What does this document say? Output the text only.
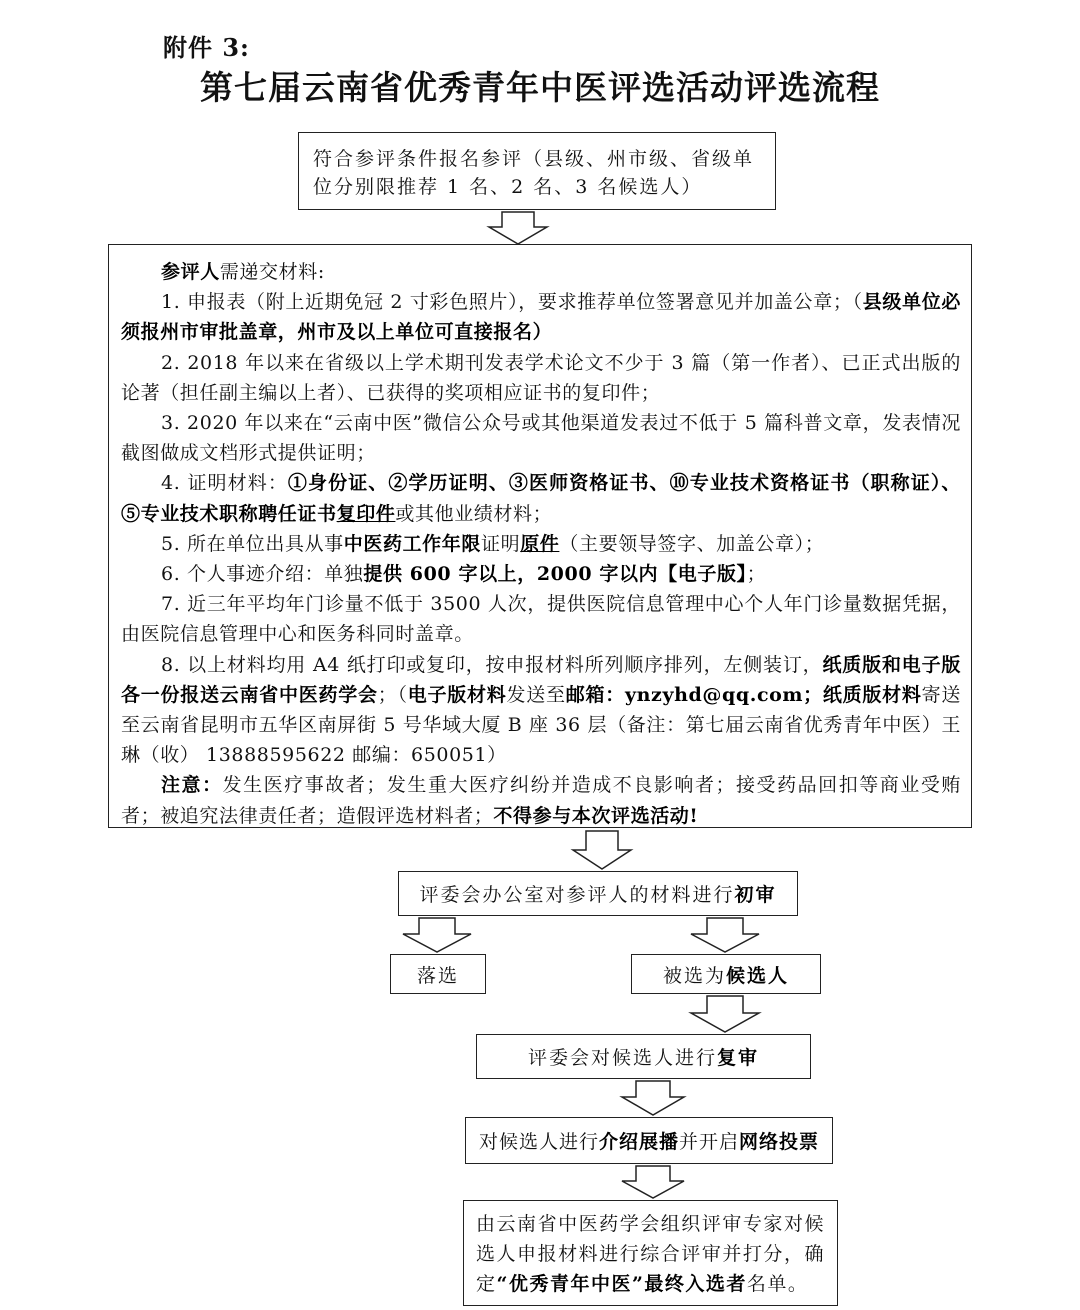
附件 3:
第七届云南省优秀青年中医评选活动评选流程
符合参评条件报名参评（县级、州市级、省级单位分别限推荐 1 名、2 名、3 名候选人）

参评人需递交材料:

1. 申报表（附上近期免冠 2 寸彩色照片），要求推荐单位签署意见并加盖公章；（县级单位必须报州市审批盖章，州市及以上单位可直接报名）

2. 2018 年以来在省级以上学术期刊发表学术论文不少于 3 篇（第一作者）、已正式出版的论著（担任副主编以上者）、已获得的奖项相应证书的复印件；

3. 2020 年以来在“云南中医”微信公众号或其他渠道发表过不低于 5 篇科普文章，发表情况截图做成文档形式提供证明；

4. 证明材料：①身份证、②学历证明、③医师资格证书、⑩专业技术资格证书（职称证）、⑤专业技术职称聘任证书复印件或其他业绩材料；

5. 所在单位出具从事中医药工作年限证明原件（主要领导签字、加盖公章）；

6. 个人事迹介绍：单独提供 600 字以上，2000 字以内【电子版】；

7. 近三年平均年门诊量不低于 3500 人次，提供医院信息管理中心个人年门诊量数据凭据，由医院信息管理中心和医务科同时盖章。

8. 以上材料均用 A4 纸打印或复印，按申报材料所列顺序排列，左侧装订，纸质版和电子版各一份报送云南省中医药学会；（电子版材料发送至邮箱：ynzyhd@qq.com；纸质版材料寄送至云南省昆明市五华区南屏街 5 号华域大厦 B 座 36 层（备注：第七届云南省优秀青年中医）王琳（收） 13888595622 邮编：650051）

注意：发生医疗事故者；发生重大医疗纠纷并造成不良影响者；接受药品回扣等商业受贿者；被追究法律责任者；造假评选材料者；不得参与本次评选活动!

评委会办公室对参评人的材料进行 初审
落选	被选为 候选人
评委会对候选人进行 复审
对候选人进行 介绍展播 并开启 网络投票
由云南省中医药学会组织评审专家对候选人申报材料进行综合评审并打分，确定“优秀青年中医”最终入选者名单。
